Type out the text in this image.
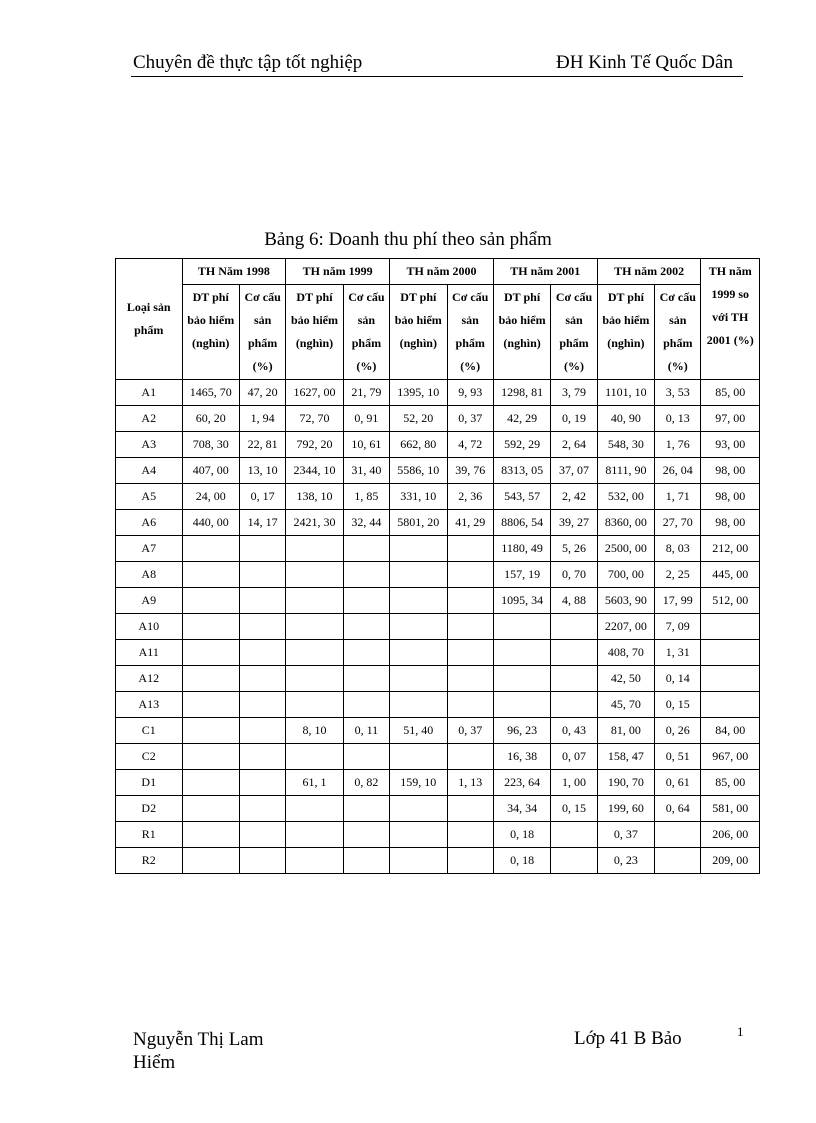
Chuyên đề thực tập tốt nghiệp	ĐH Kinh Tế Quốc Dân
Bảng 6: Doanh thu phí theo sản phẩm
Loại sản phẩm	TH Năm 1998		TH năm 1999		TH năm 2000		TH năm 2001		TH năm 2002		TH năm 1999 so với TH 2001 (%)
	DT phí bảo hiểm (nghìn)	Cơ cấu sản phẩm (%)	DT phí bảo hiểm (nghìn)	Cơ cấu sản phẩm (%)	DT phí bảo hiểm (nghìn)	Cơ cấu sản phẩm (%)	DT phí bảo hiểm (nghìn)	Cơ cấu sản phẩm (%)	DT phí bảo hiểm (nghìn)	Cơ cấu sản phẩm (%)	
A1	1465, 70	47, 20	1627, 00	21, 79	1395, 10	9, 93	1298, 81	3, 79	1101, 10	3, 53	85, 00
A2	60, 20	1, 94	72, 70	0, 91	52, 20	0, 37	42, 29	0, 19	40, 90	0, 13	97, 00
A3	708, 30	22, 81	792, 20	10, 61	662, 80	4, 72	592, 29	2, 64	548, 30	1, 76	93, 00
A4	407, 00	13, 10	2344, 10	31, 40	5586, 10	39, 76	8313, 05	37, 07	8111, 90	26, 04	98, 00
A5	24, 00	0, 17	138, 10	1, 85	331, 10	2, 36	543, 57	2, 42	532, 00	1, 71	98, 00
A6	440, 00	14, 17	2421, 30	32, 44	5801, 20	41, 29	8806, 54	39, 27	8360, 00	27, 70	98, 00
A7							1180, 49	5, 26	2500, 00	8, 03	212, 00
A8							157, 19	0, 70	700, 00	2, 25	445, 00
A9							1095, 34	4, 88	5603, 90	17, 99	512, 00
A10									2207, 00	7, 09	
A11									408, 70	1, 31	
A12									42, 50	0, 14	
A13									45, 70	0, 15	
C1			8, 10	0, 11	51, 40	0, 37	96, 23	0, 43	81, 00	0, 26	84, 00
C2							16, 38	0, 07	158, 47	0, 51	967, 00
D1			61, 1	0, 82	159, 10	1, 13	223, 64	1, 00	190, 70	0, 61	85, 00
D2							34, 34	0, 15	199, 60	0, 64	581, 00
R1							0, 18		0, 37		206, 00
R2							0, 18		0, 23		209, 00
Nguyễn Thị Lam Hiểm
Lớp 41 B Bảo	1
